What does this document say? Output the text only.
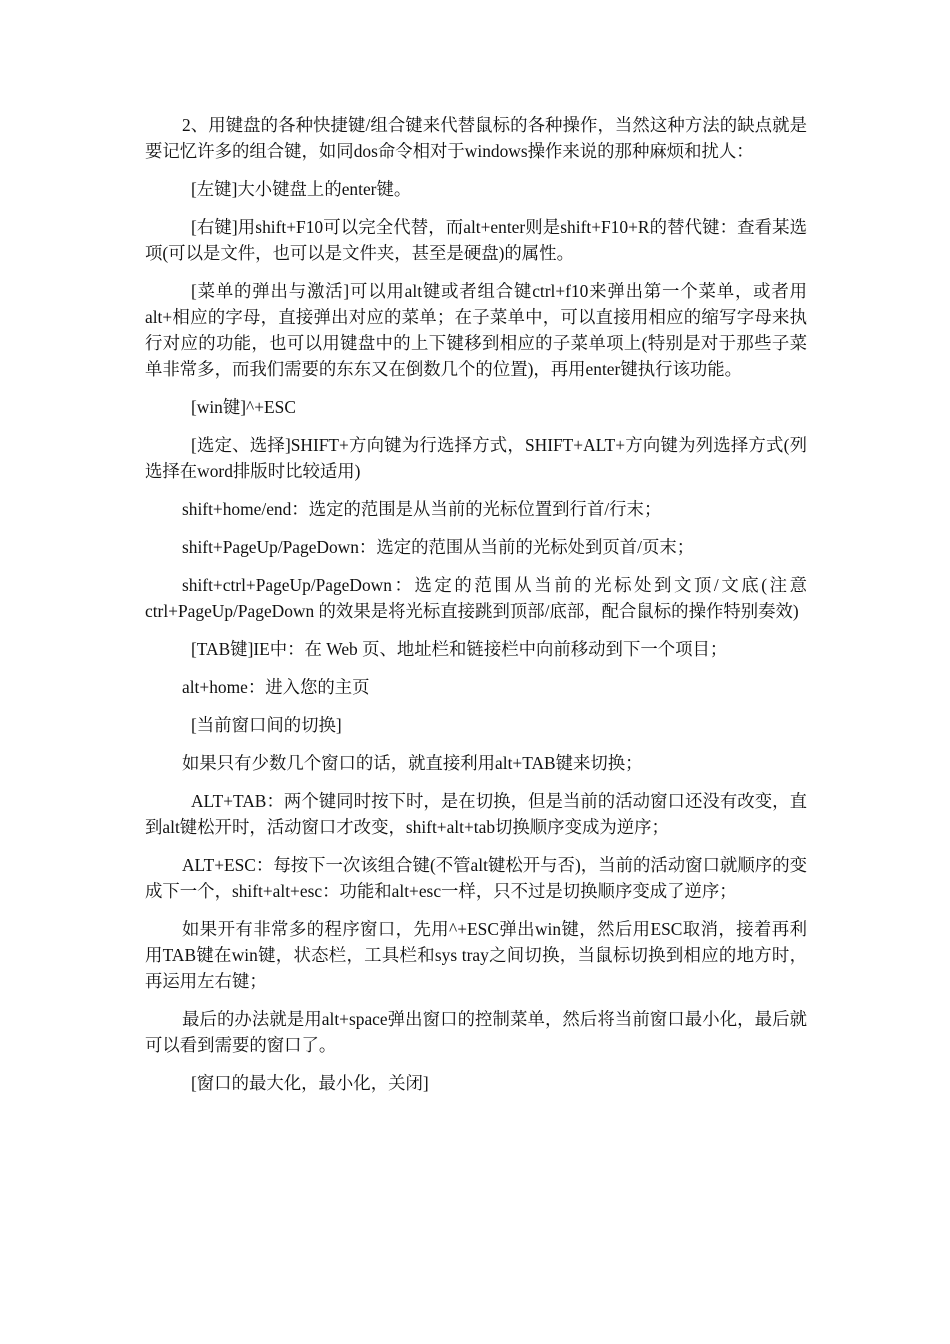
2、用键盘的各种快捷键/组合键来代替鼠标的各种操作，当然这种方法的缺点就是要记忆许多的组合键，如同dos命令相对于windows操作来说的那种麻烦和扰人：

[左键]大小键盘上的enter键。

[右键]用shift+F10可以完全代替，而alt+enter则是shift+F10+R的替代键：查看某选项(可以是文件，也可以是文件夹，甚至是硬盘)的属性。

[菜单的弹出与激活]可以用alt键或者组合键ctrl+f10来弹出第一个菜单，或者用alt+相应的字母，直接弹出对应的菜单；在子菜单中，可以直接用相应的缩写字母来执行对应的功能，也可以用键盘中的上下键移到相应的子菜单项上(特别是对于那些子菜单非常多，而我们需要的东东又在倒数几个的位置)，再用enter键执行该功能。

[win键]^+ESC

[选定、选择]SHIFT+方向键为行选择方式，SHIFT+ALT+方向键为列选择方式(列选择在word排版时比较适用)

shift+home/end：选定的范围是从当前的光标位置到行首/行末；

shift+PageUp/PageDown：选定的范围从当前的光标处到页首/页末；

shift+ctrl+PageUp/PageDown：选定的范围从当前的光标处到文顶/文底(注意ctrl+PageUp/PageDown 的效果是将光标直接跳到顶部/底部，配合鼠标的操作特别奏效)

[TAB键]IE中：在 Web 页、地址栏和链接栏中向前移动到下一个项目；

alt+home：进入您的主页

[当前窗口间的切换]

如果只有少数几个窗口的话，就直接利用alt+TAB键来切换；

ALT+TAB：两个键同时按下时，是在切换，但是当前的活动窗口还没有改变，直到alt键松开时，活动窗口才改变，shift+alt+tab切换顺序变成为逆序；

ALT+ESC：每按下一次该组合键(不管alt键松开与否)，当前的活动窗口就顺序的变成下一个，shift+alt+esc：功能和alt+esc一样，只不过是切换顺序变成了逆序；

如果开有非常多的程序窗口，先用^+ESC弹出win键，然后用ESC取消，接着再利用TAB键在win键，状态栏，工具栏和sys tray之间切换，当鼠标切换到相应的地方时，再运用左右键；

最后的办法就是用alt+space弹出窗口的控制菜单，然后将当前窗口最小化，最后就可以看到需要的窗口了。

[窗口的最大化，最小化，关闭]
